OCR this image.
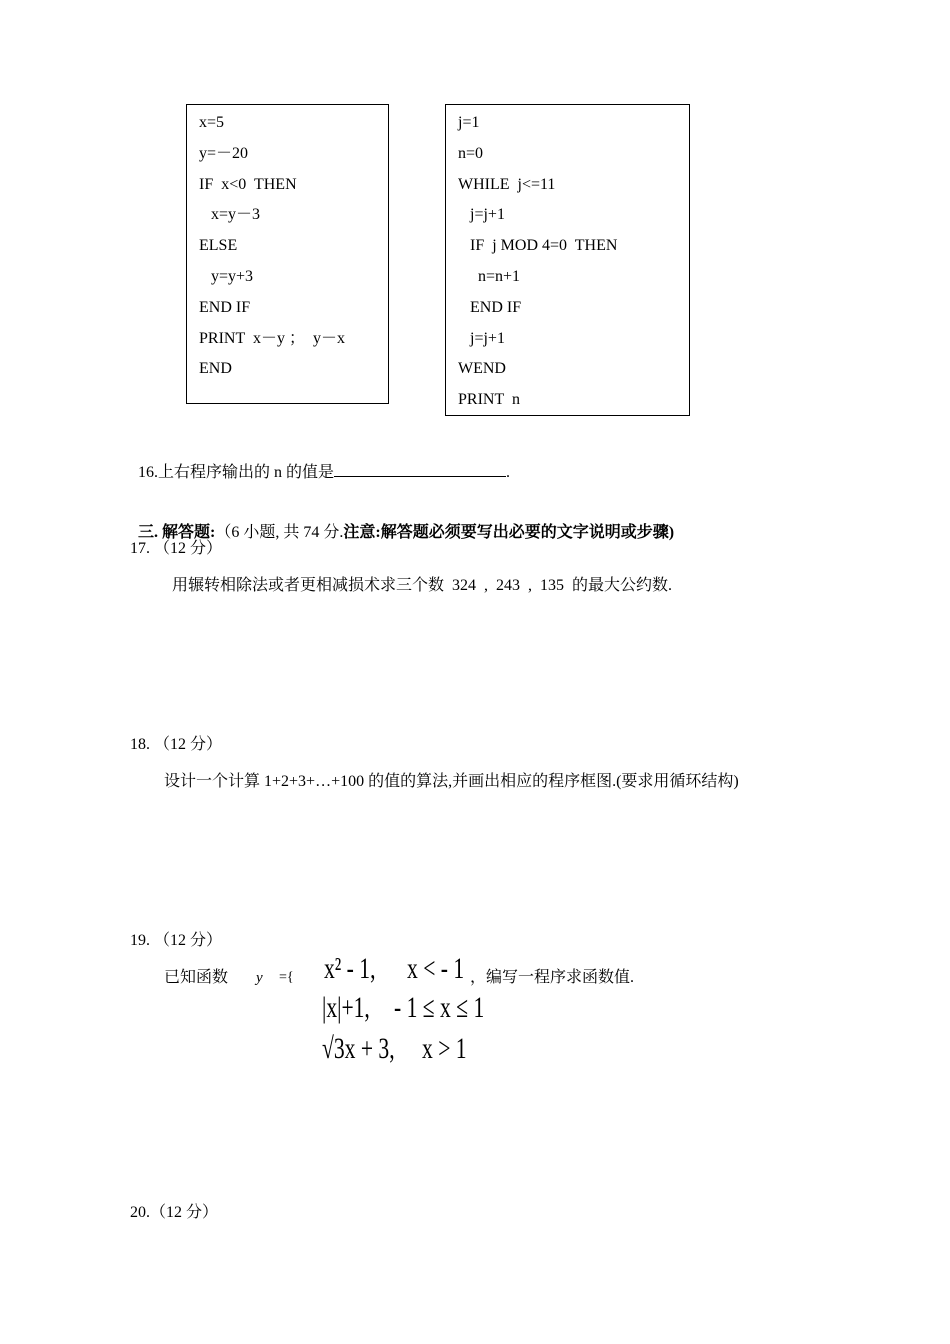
x=5
y=－20
IF  x<0  THEN
x=y－3
ELSE
y=y+3
END IF
PRINT  x－y ；  y－x
END
j=1
n=0
WHILE  j<=11
j=j+1
IF  j MOD 4=0  THEN
n=n+1
END IF
j=j+1
WEND
PRINT  n

16.上右程序输出的 n 的值是	.

三. 解答题:（6 小题, 共 74 分.注意:解答题必须要写出必要的文字说明或步骤)

17. （12 分）
用辗转相除法或者更相减损术求三个数  324  ,  243  ,  135  的最大公约数.
18. （12 分）
设计一个计算 1+2+3+…+100 的值的算法,并画出相应的程序框图.(要求用循环结构)
19. （12 分）
已知函数 y ={	，编写一程序求函数值.
x² - 1, x < - 1
|x|+1, - 1 ≤ x ≤ 1
√3x + 3, x > 1
20.（12 分）
